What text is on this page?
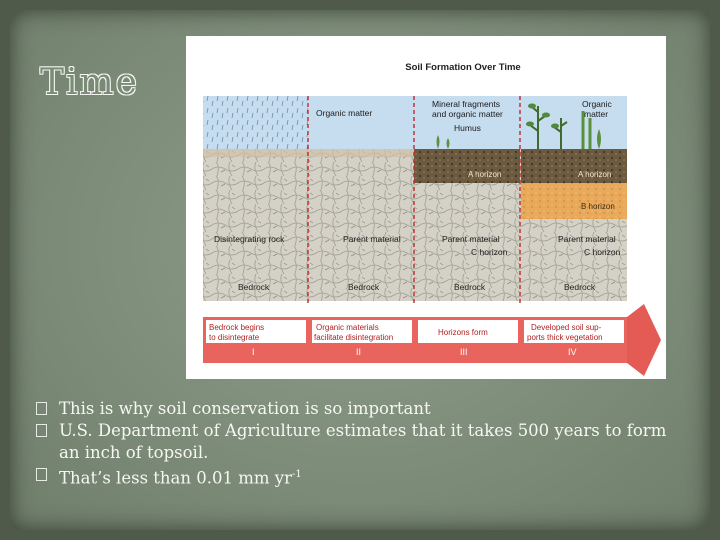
Time
Organic matter
Mineral fragments
and organic matter
Humus
Organic
matter
Disintegrating rock	Parent material
A horizon
Parent material
C horizon
A horizon
B horizon
Parent material
C horizon
Bedrock	Bedrock	Bedrock	Bedrock
Bedrock begins
to disintegrate
Organic materials
facilitate disintegration
Horizons form
Developed soil sup-
ports thick vegetation
I	II	III	IV
Soil Formation Over Time
This is why soil conservation is so important
U.S. Department of Agriculture estimates that it takes 500 years to form an inch of topsoil.
That’s less than 0.01 mm $yr^{-1}$
